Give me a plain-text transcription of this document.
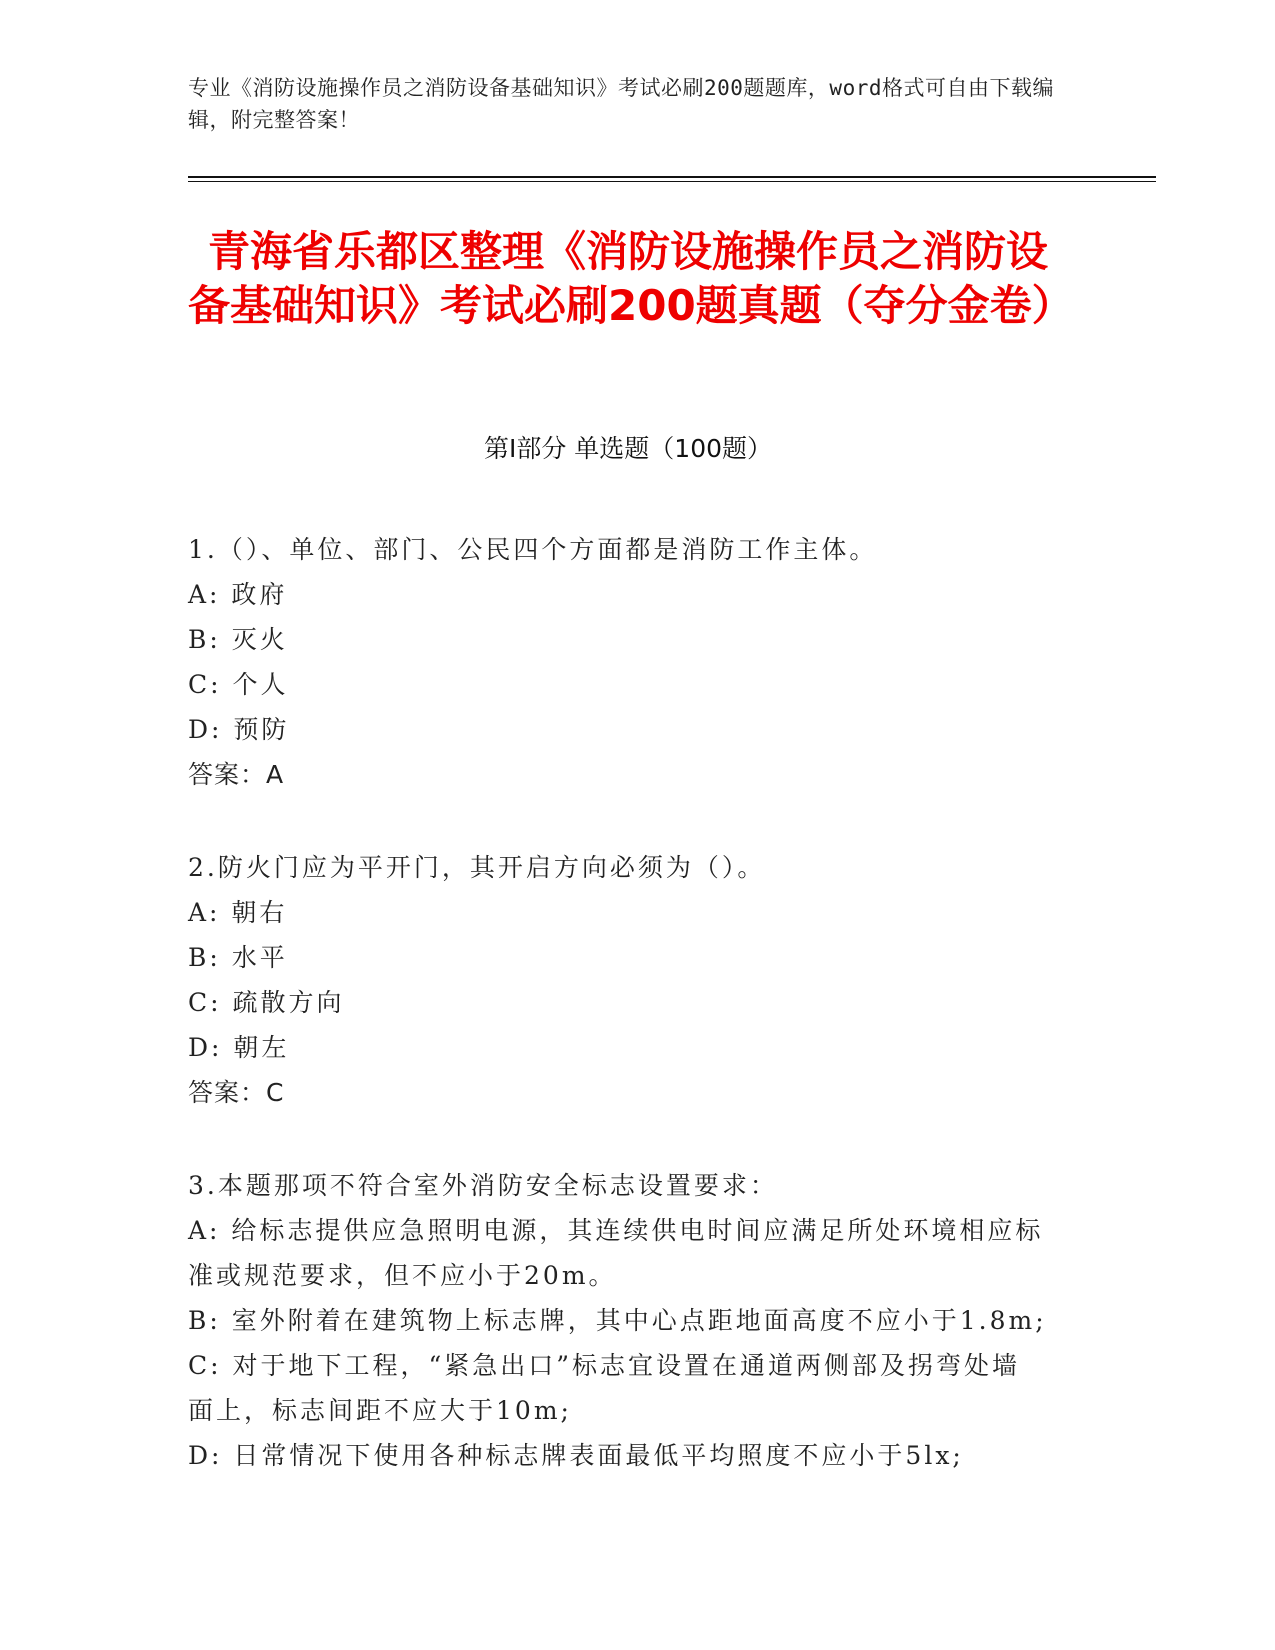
专业《消防设施操作员之消防设备基础知识》考试必刷200题题库，word格式可自由下载编辑，附完整答案！
青海省乐都区整理《消防设施操作员之消防设备基础知识》考试必刷200题真题（夺分金卷）
第Ⅰ部分 单选题（100题）
1.（）、单位、部门、公民四个方面都是消防工作主体。
A: 政府
B: 灭火
C: 个人
D: 预防
答案：A
2.防火门应为平开门，其开启方向必须为（）。
A: 朝右
B: 水平
C: 疏散方向
D: 朝左
答案：C
3.本题那项不符合室外消防安全标志设置要求：
A: 给标志提供应急照明电源，其连续供电时间应满足所处环境相应标准或规范要求，但不应小于20m。
B: 室外附着在建筑物上标志牌，其中心点距地面高度不应小于1.8m;
C: 对于地下工程，“紧急出口”标志宜设置在通道两侧部及拐弯处墙面上，标志间距不应大于10m;
D: 日常情况下使用各种标志牌表面最低平均照度不应小于5lx;
